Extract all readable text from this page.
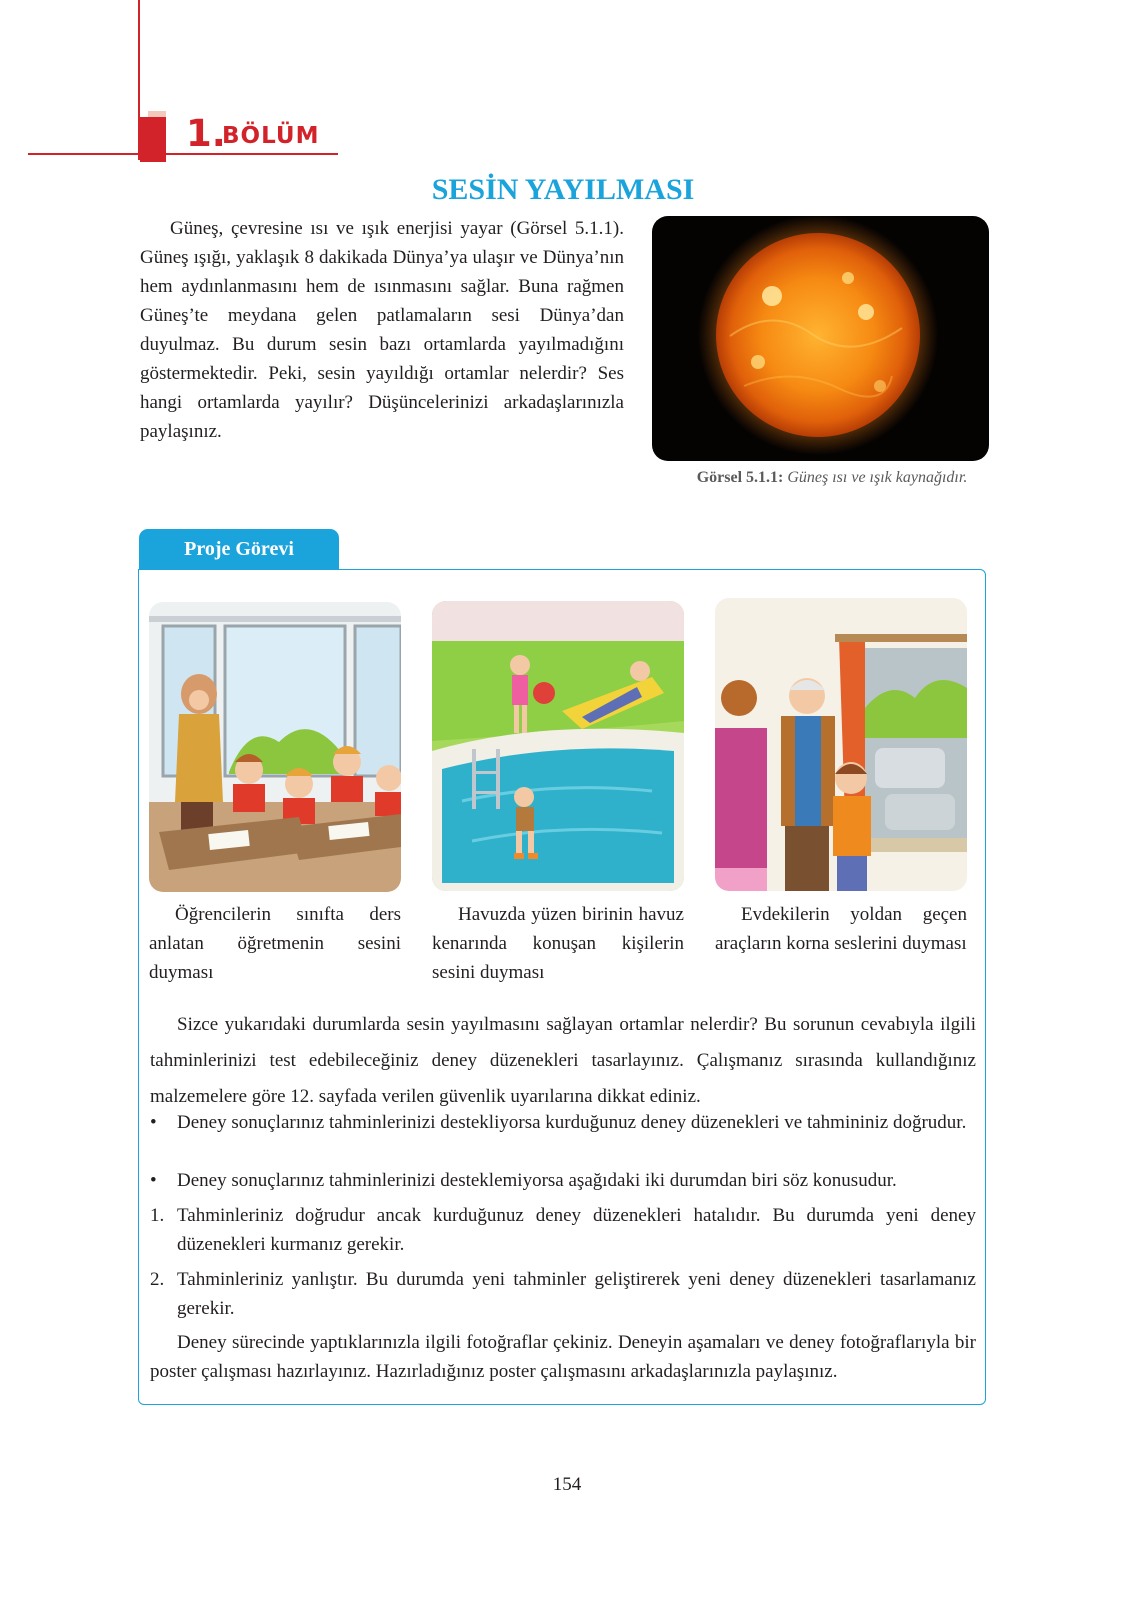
1.
BÖLÜM
SESİN YAYILMASI

Güneş, çevresine ısı ve ışık enerjisi yayar (Görsel 5.1.1). Güneş ışığı, yaklaşık 8 dakikada Dünya’ya ulaşır ve Dünya’nın hem aydınlanmasını hem de ısınmasını sağlar. Buna rağmen Güneş’te meydana gelen patlamaların sesi Dünya’dan duyulmaz. Bu durum sesin bazı ortamlarda yayılmadığını göstermektedir. Peki, sesin yayıldığı ortamlar nelerdir? Ses hangi ortamlarda yayılır? Düşüncelerinizi arkadaşlarınızla paylaşınız.

Görsel 5.1.1: Güneş ısı ve ışık kaynağıdır.
Proje Görevi

Öğrencilerin sınıfta ders anlatan öğretmenin sesini duyması

Havuzda yüzen birinin havuz kenarında konuşan kişilerin sesini duyması

Evdekilerin yoldan geçen araçların korna seslerini duyması

Sizce yukarıdaki durumlarda sesin yayılmasını sağlayan ortamlar nelerdir? Bu sorunun cevabıyla ilgili tahminlerinizi test edebileceğiniz deney düzenekleri tasarlayınız. Çalışmanız sırasında kullandığınız malzemelere göre 12. sayfada verilen güvenlik uyarılarına dikkat ediniz.

•	Deney sonuçlarınız tahminlerinizi destekliyorsa kurduğunuz deney düzenekleri ve tahmininiz doğrudur.
• Deney sonuçlarınız tahminlerinizi desteklemiyorsa aşağıdaki iki durumdan biri söz konusudur.
1. Tahminleriniz doğrudur ancak kurduğunuz deney düzenekleri hatalıdır. Bu durumda yeni deney düzenekleri kurmanız gerekir.
2. Tahminleriniz yanlıştır. Bu durumda yeni tahminler geliştirerek yeni deney düzenekleri tasarlamanız gerekir.

Deney sürecinde yaptıklarınızla ilgili fotoğraflar çekiniz. Deneyin aşamaları ve deney fotoğraflarıyla bir poster çalışması hazırlayınız. Hazırladığınız poster çalışmasını arkadaşlarınızla paylaşınız.

154
